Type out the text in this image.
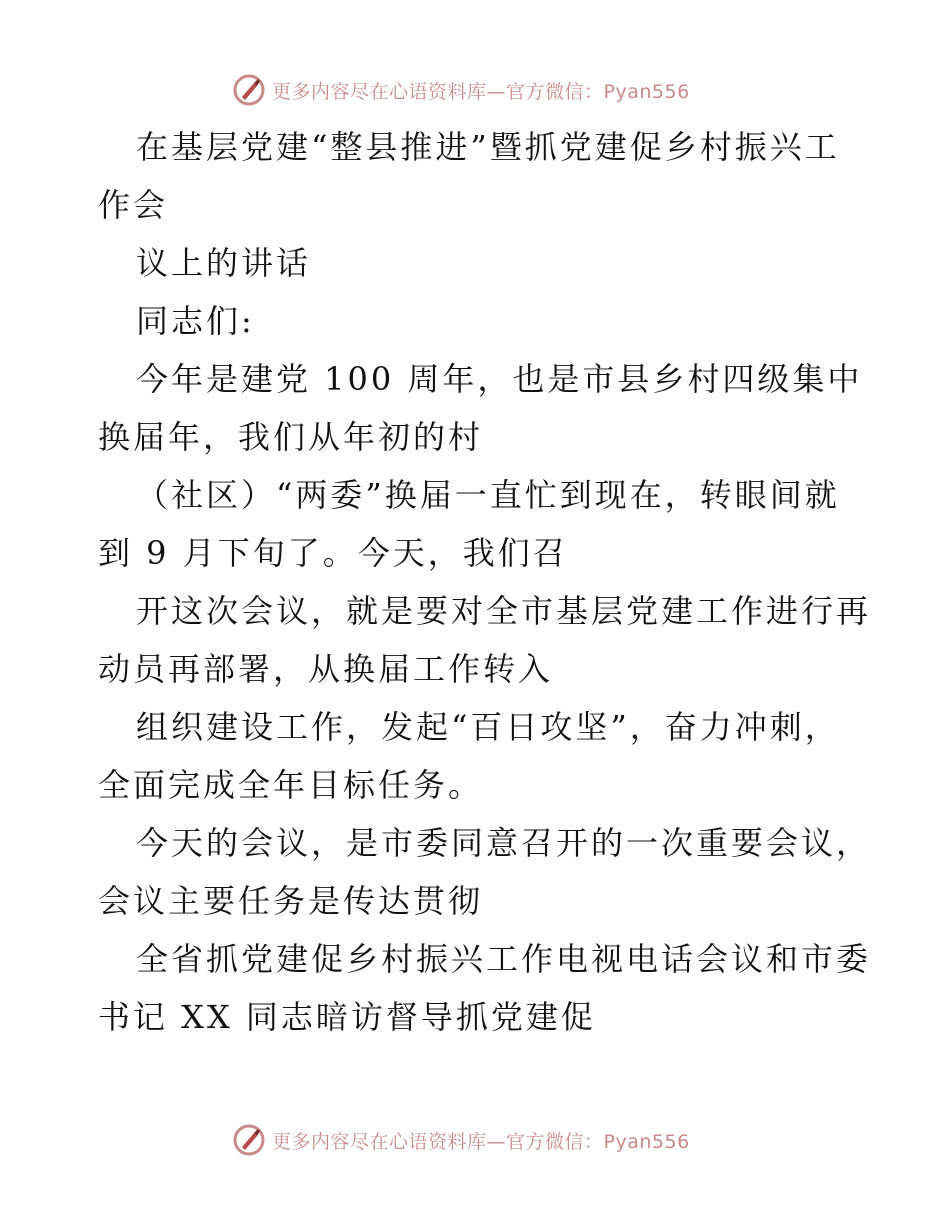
更多内容尽在心语资料库—官方微信：Pyan556
在基层党建“整县推进”暨抓党建促乡村振兴工
作会
议上的讲话
同志们:
今年是建党 100 周年，也是市县乡村四级集中
换届年，我们从年初的村
（社区）“两委”换届一直忙到现在，转眼间就
到 9 月下旬了。今天，我们召
开这次会议，就是要对全市基层党建工作进行再
动员再部署，从换届工作转入
组织建设工作，发起“百日攻坚”，奋力冲刺，
全面完成全年目标任务。
今天的会议，是市委同意召开的一次重要会议，
会议主要任务是传达贯彻
全省抓党建促乡村振兴工作电视电话会议和市委
书记 XX 同志暗访督导抓党建促
更多内容尽在心语资料库—官方微信：Pyan556
